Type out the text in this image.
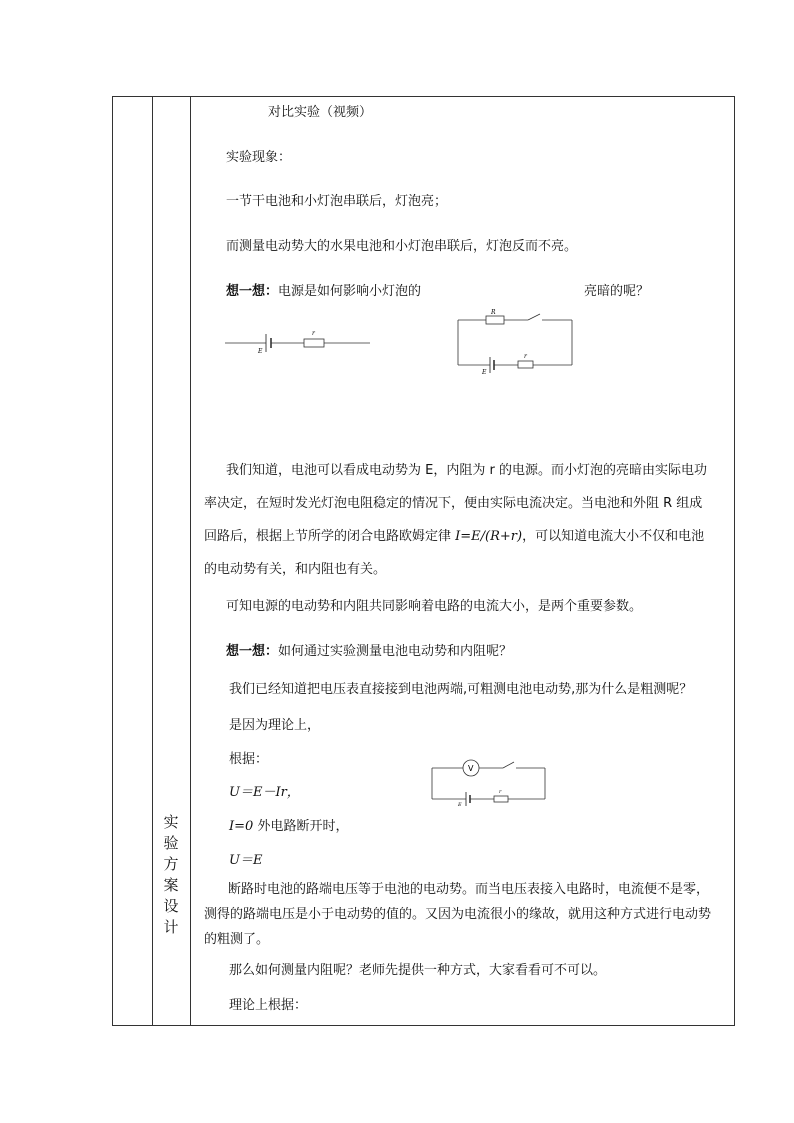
实
验
方
案
设
计
对比实验（视频）
实验现象：
一节干电池和小灯泡串联后，灯泡亮；
而测量电动势大的水果电池和小灯泡串联后，灯泡反而不亮。
想一想：电源是如何影响小灯泡的	亮暗的呢？
E
r
R
E
r
我们知道，电池可以看成电动势为 E，内阻为 r 的电源。而小灯泡的亮暗由实际电功率决定，在短时发光灯泡电阻稳定的情况下，便由实际电流决定。当电池和外阻 R 组成回路后，根据上节所学的闭合电路欧姆定律 I=E/(R+r)，可以知道电流大小不仅和电池的电动势有关，和内阻也有关。
可知电源的电动势和内阻共同影响着电路的电流大小，是两个重要参数。
想一想：如何通过实验测量电池电动势和内阻呢？
我们已经知道把电压表直接接到电池两端,可粗测电池电动势,那为什么是粗测呢？
是因为理论上，
根据：
U＝E－Ir，
I=0 外电路断开时，
U＝E
V
E
r
断路时电池的路端电压等于电池的电动势。而当电压表接入电路时，电流便不是零，测得的路端电压是小于电动势的值的。又因为电流很小的缘故，就用这种方式进行电动势的粗测了。
那么如何测量内阻呢？老师先提供一种方式，大家看看可不可以。
理论上根据：
